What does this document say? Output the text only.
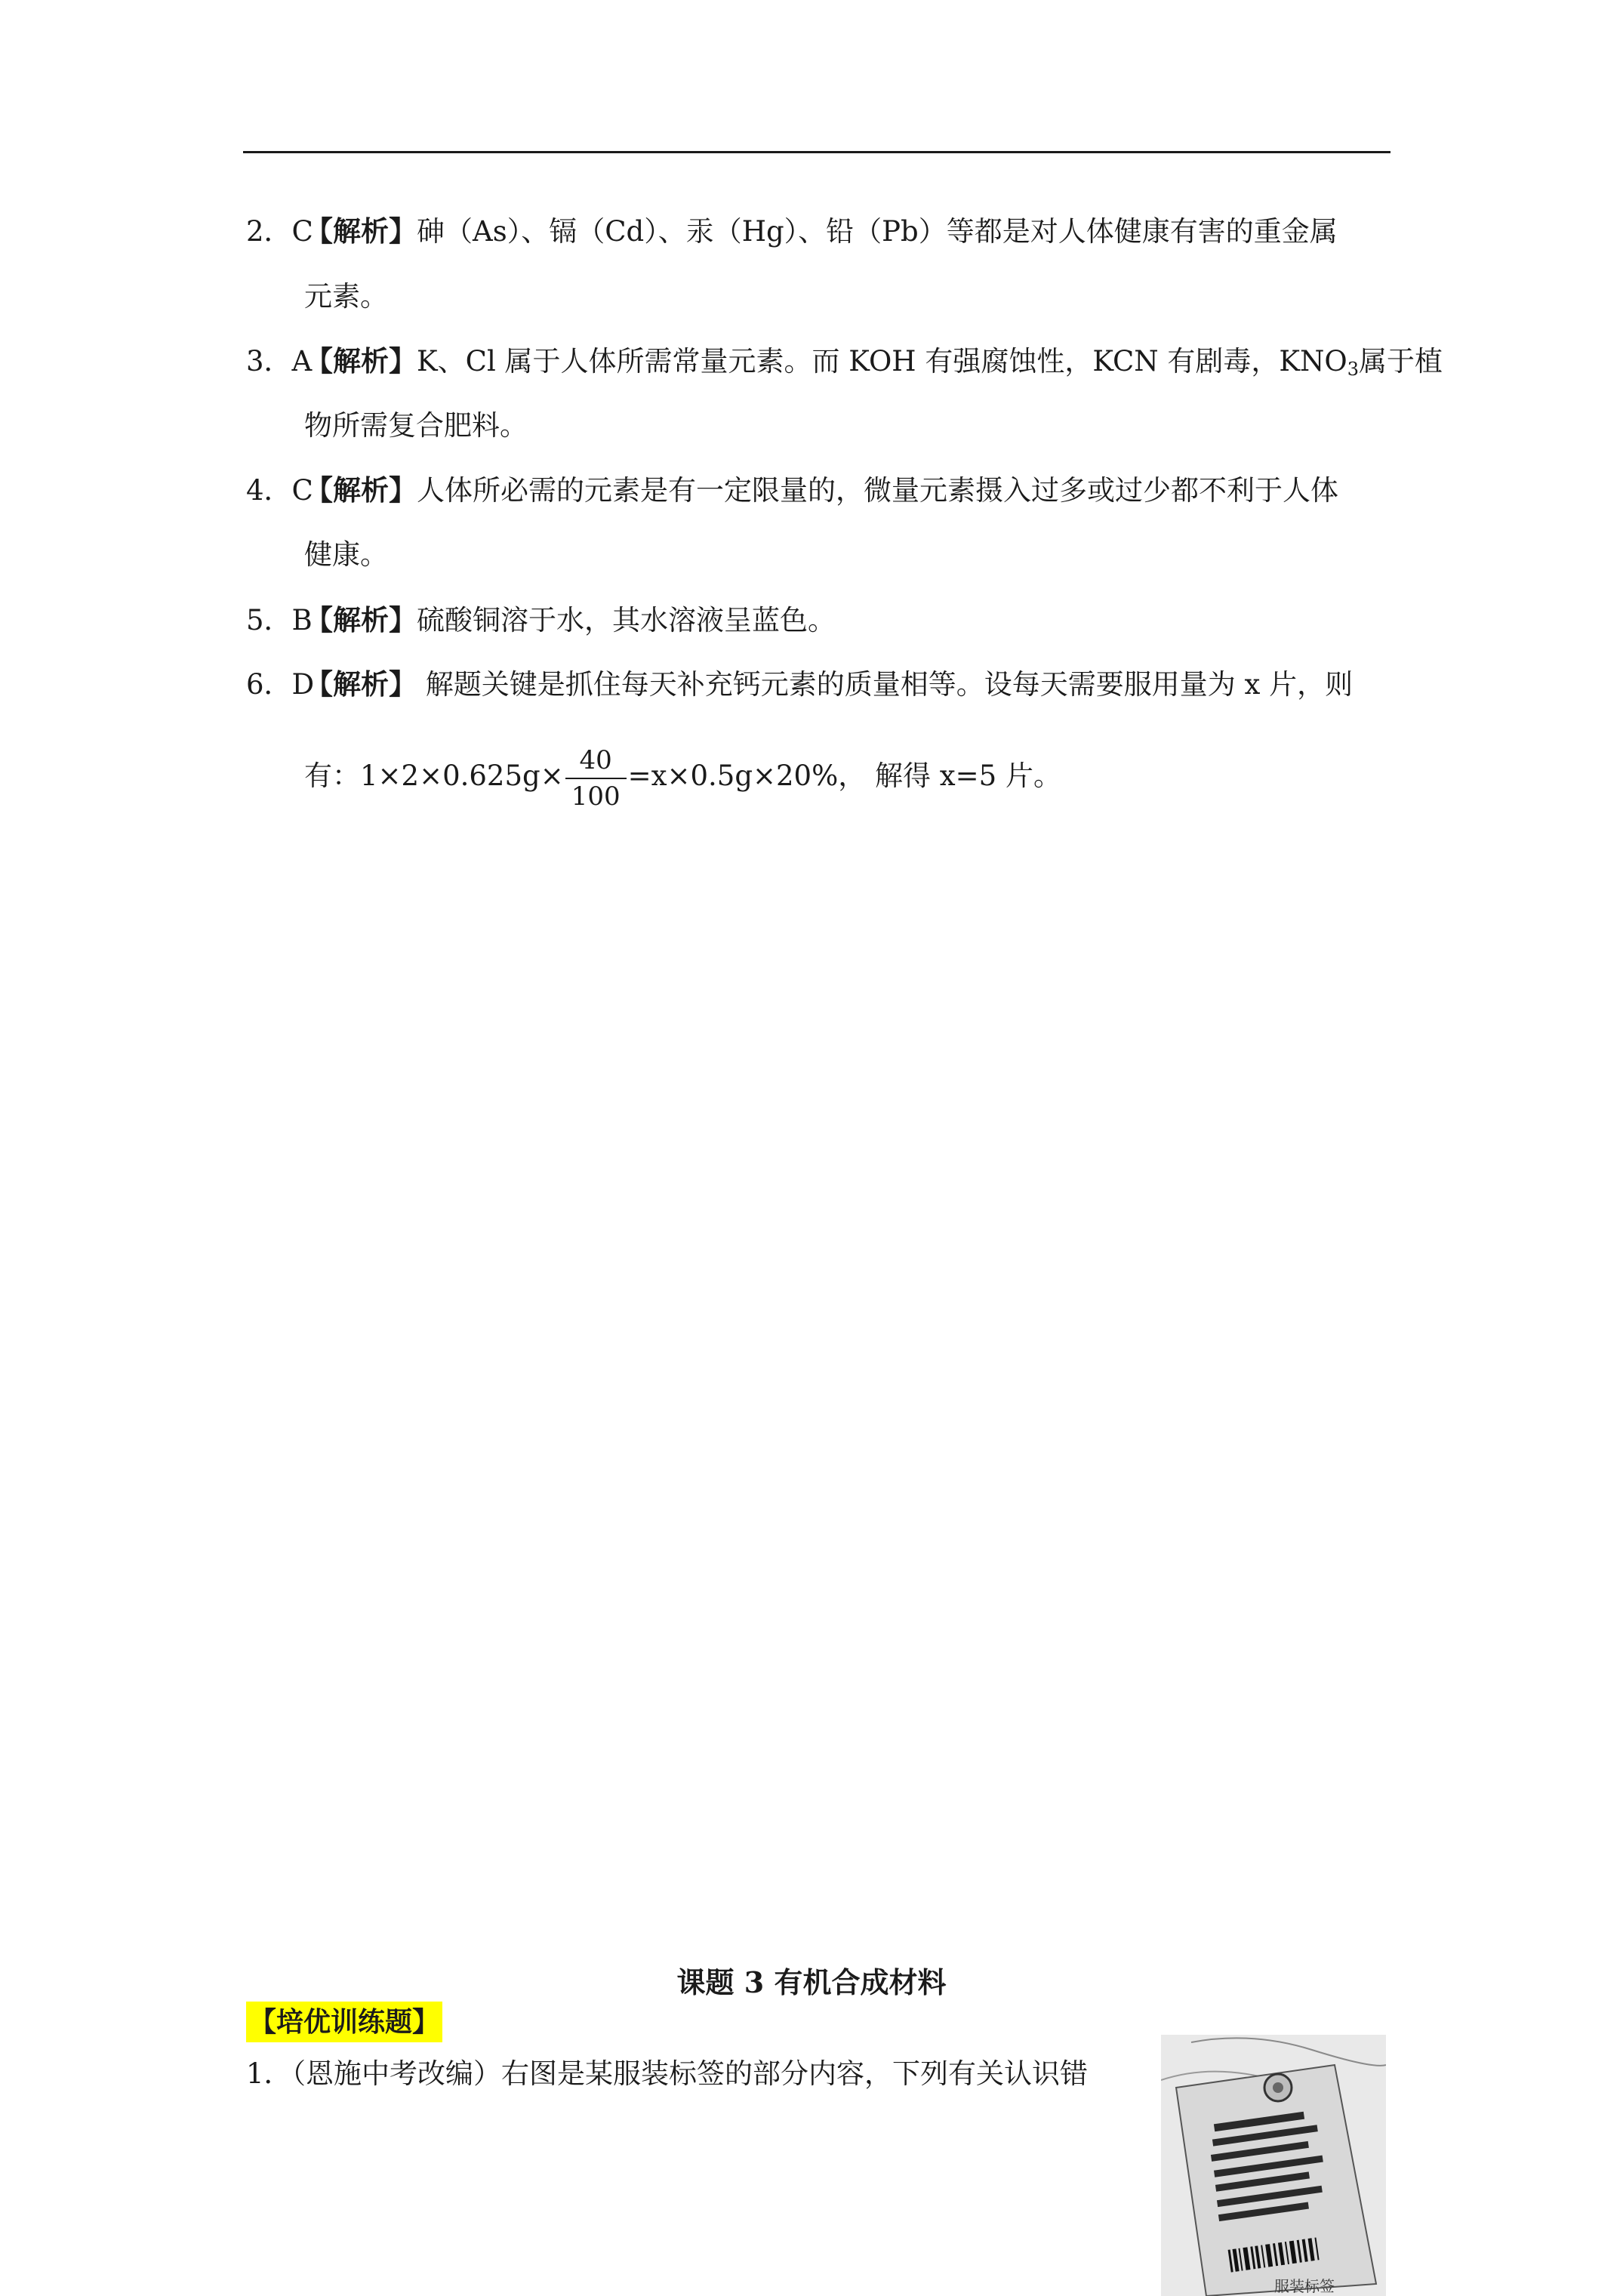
2．C【解析】砷（As）、镉（Cd）、汞（Hg）、铅（Pb）等都是对人体健康有害的重金属
元素。
3．A【解析】K、Cl 属于人体所需常量元素。而 KOH 有强腐蚀性，KCN 有剧毒，$KNO_3$属于植
物所需复合肥料。
4．C【解析】人体所必需的元素是有一定限量的，微量元素摄入过多或过少都不利于人体
健康。
5．B【解析】硫酸铜溶于水，其水溶液呈蓝色。
6．D【解析】 解题关键是抓住每天补充钙元素的质量相等。设每天需要服用量为 x 片，则
有：$1\times 2\times 0.625g\times \frac{40}{100} =x\times 0.5g\times 20\%$， 解得 x=5 片。
课题 3 有机合成材料
【培优训练题】
1．（恩施中考改编）右图是某服装标签的部分内容，下列有关认识错
服装标签
